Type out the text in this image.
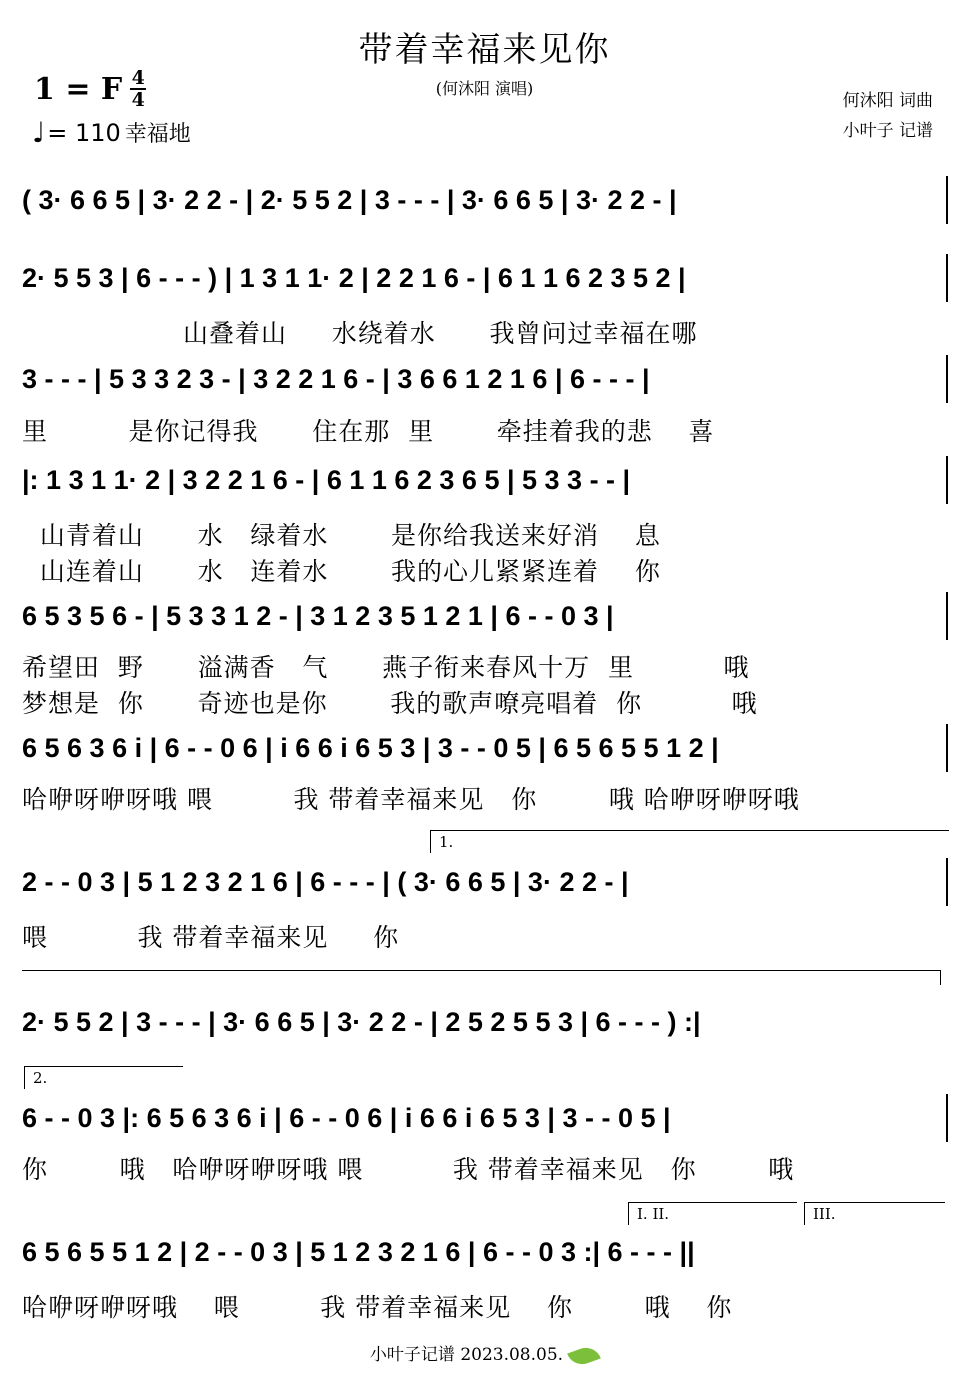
带着幸福来见你
(何沐阳 演唱)
1 = F $\frac{4}{4}$
♩ = 110 幸福地
何沐阳 词曲
小叶子 记谱
( 3· 6 6 5 | 3· 2 2 - | 2· 5 5 2 | 3 - - - | 3· 6 6 5 | 3· 2 2 - |
2· 5 5 3 | 6 - - - ) | 1 3 1 1· 2 | 2 2 1 6 - | 6 1 1 6 2 3 5 2 |
山叠着山     水绕着水      我曾问过幸福在哪
3 - - - | 5 3 3 2 3 - | 3 2 2 1 6 - | 3 6 6 1 2 1 6 | 6 - - - |
里         是你记得我      住在那  里       牵挂着我的悲    喜
|: 1 3 1 1· 2 | 3 2 2 1 6 - | 6 1 1 6 2 3 6 5 | 5 3 3 - - |
山青着山      水   绿着水       是你给我送来好消    息
山连着山      水   连着水       我的心儿紧紧连着    你
6 5 3 5 6 - | 5 3 3 1 2 - | 3 1 2 3 5 1 2 1 | 6 - - 0 3 |
希望田  野      溢满香   气      燕子衔来春风十万  里          哦
梦想是  你      奇迹也是你       我的歌声嘹亮唱着  你          哦
6 5 6 3 6 i | 6 - - 0 6 | i 6 6 i 6 5 3 | 3 - - 0 5 | 6 5 6 5 5 1 2 |
哈咿呀咿呀哦 喂         我 带着幸福来见   你        哦 哈咿呀咿呀哦
1.
2 - - 0 3 | 5 1 2 3 2 1 6 | 6 - - - | ( 3· 6 6 5 | 3· 2 2 - |
喂          我 带着幸福来见     你
2· 5 5 2 | 3 - - - | 3· 6 6 5 | 3· 2 2 - | 2 5 2 5 5 3 | 6 - - - ) :|
2.
6 - - 0 3 |: 6 5 6 3 6 i | 6 - - 0 6 | i 6 6 i 6 5 3 | 3 - - 0 5 |
你        哦   哈咿呀咿呀哦 喂          我 带着幸福来见   你        哦
I. II.	III.
6 5 6 5 5 1 2 | 2 - - 0 3 | 5 1 2 3 2 1 6 | 6 - - 0 3 :| 6 - - - ||
哈咿呀咿呀哦    喂         我 带着幸福来见    你        哦    你
小叶子记谱 2023.08.05.
